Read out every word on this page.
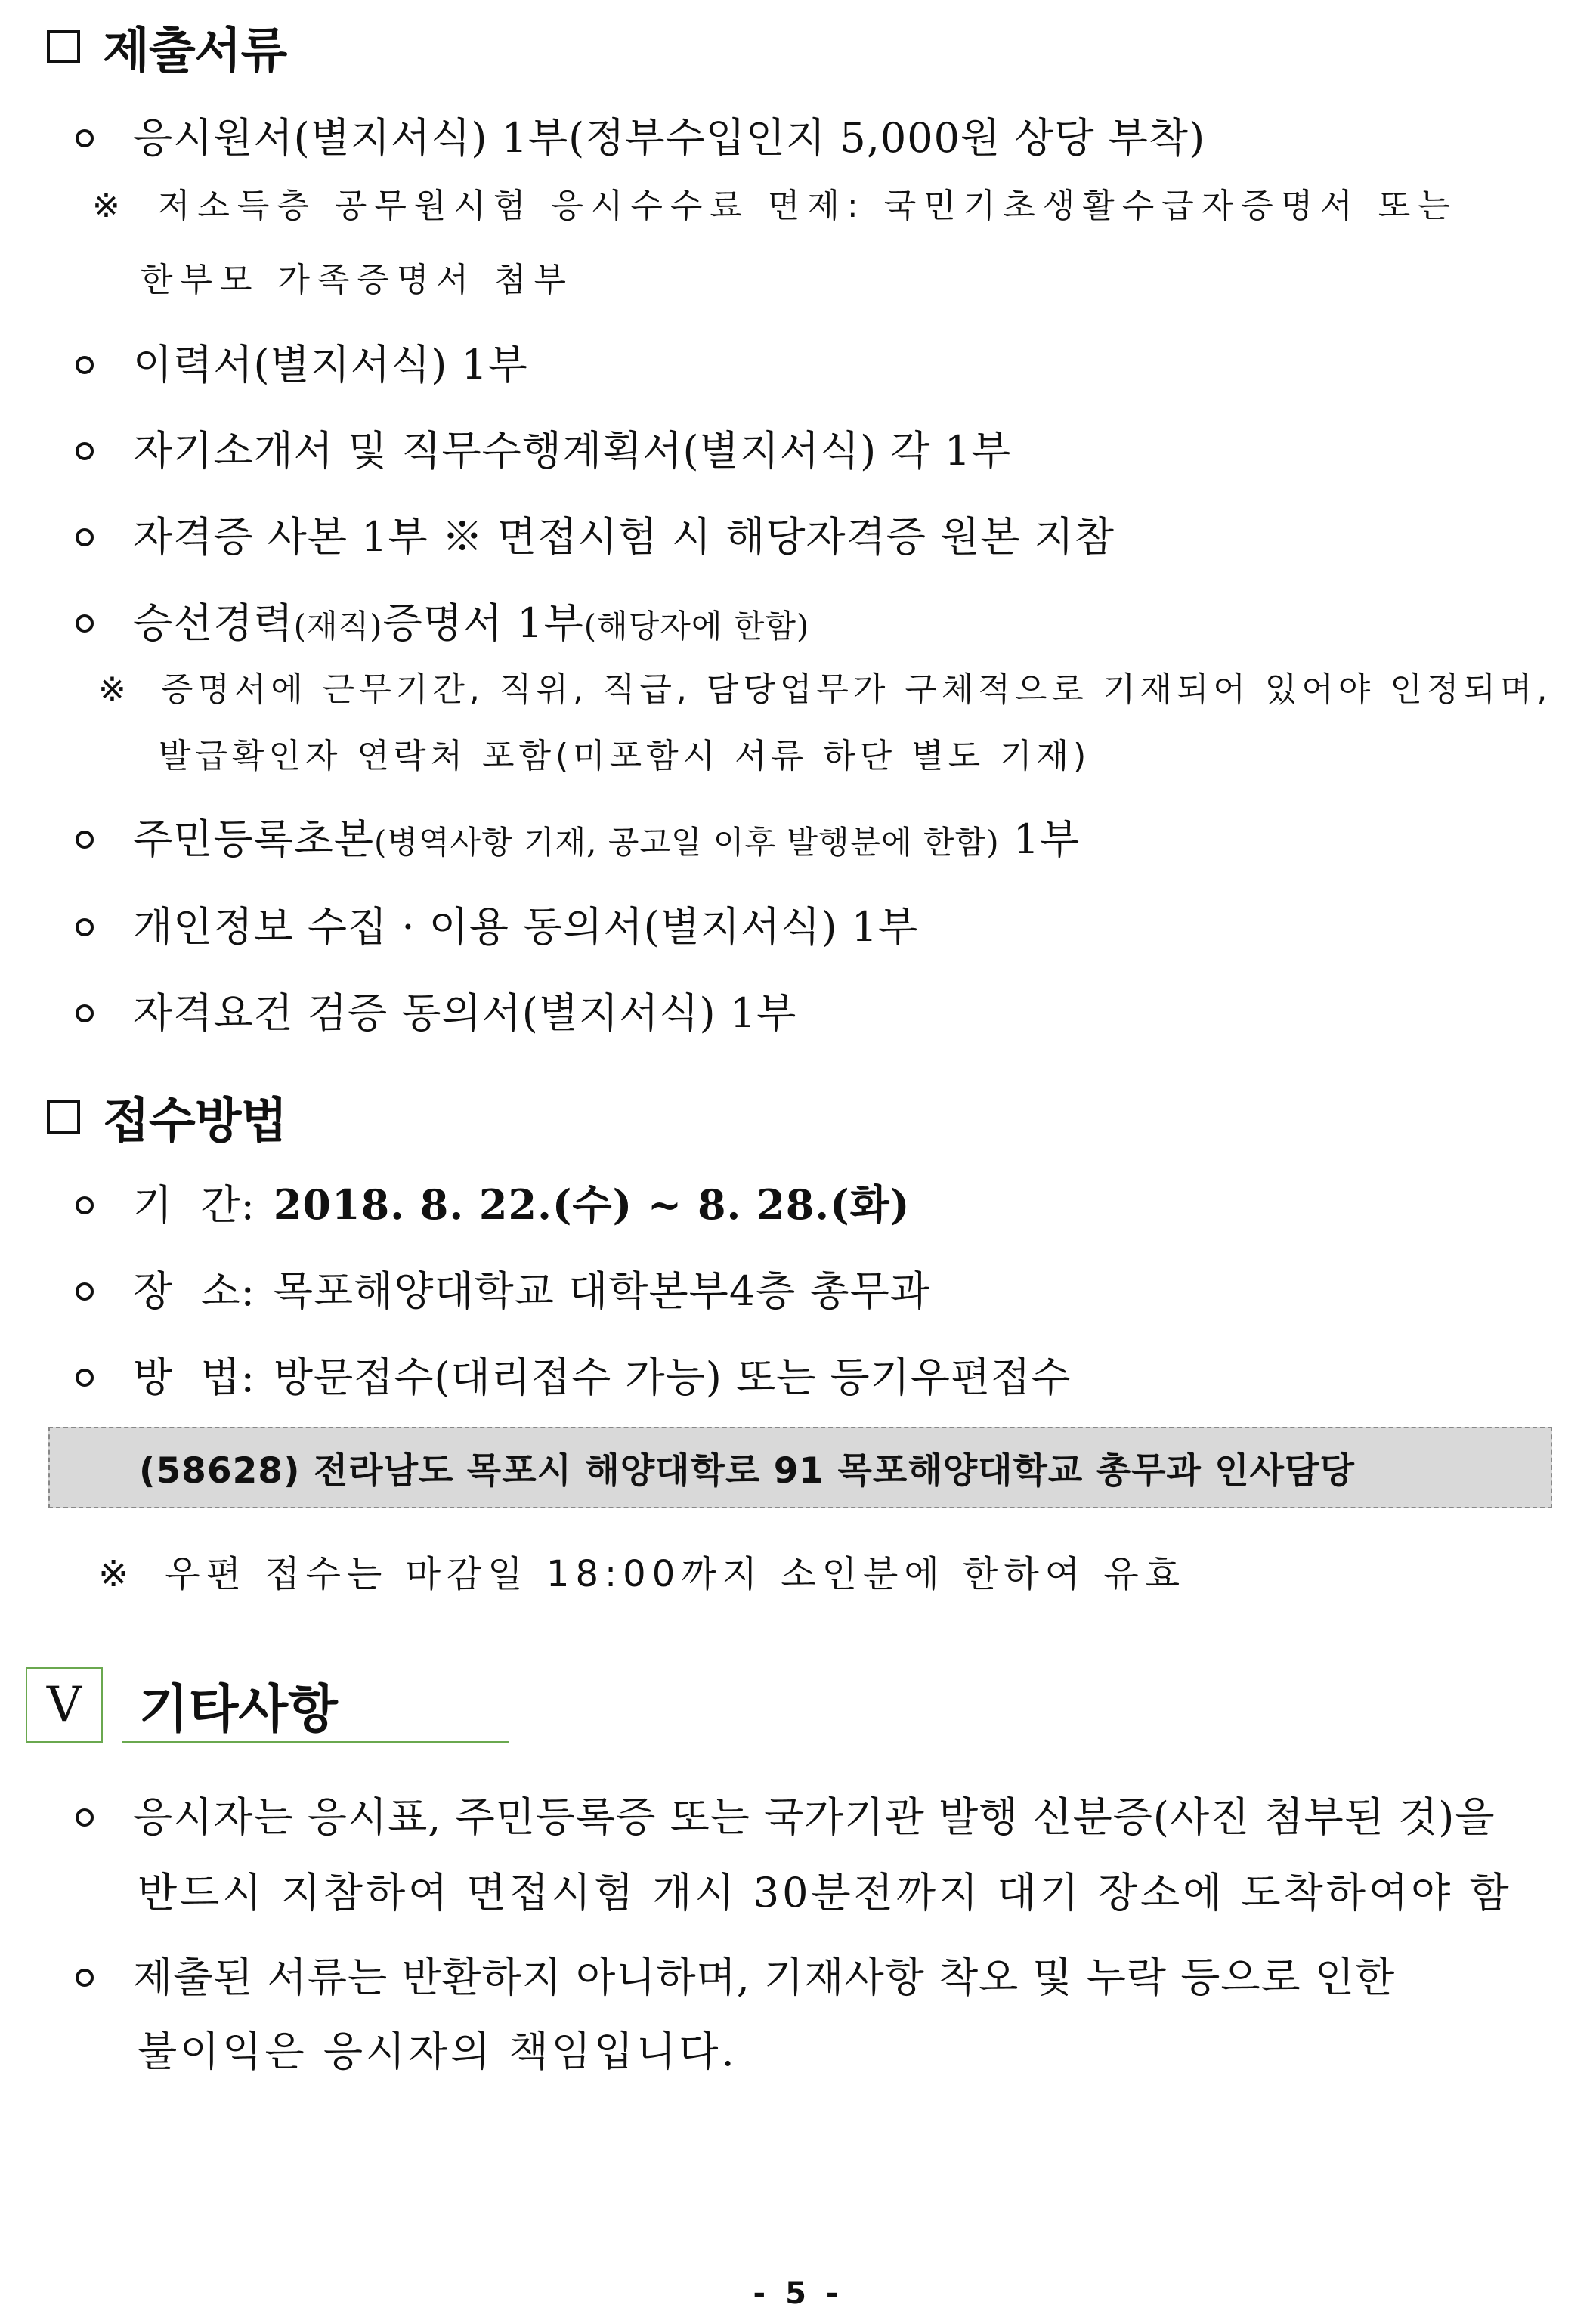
제출서류
응시원서(별지서식) 1부(정부수입인지 5,000원 상당 부착)
※ 저소득층 공무원시험 응시수수료 면제: 국민기초생활수급자증명서 또는
한부모 가족증명서 첨부
이력서(별지서식) 1부
자기소개서 및 직무수행계획서(별지서식) 각 1부
자격증 사본 1부 ※ 면접시험 시 해당자격증 원본 지참
승선경력(재직)증명서 1부(해당자에 한함)
※ 증명서에 근무기간, 직위, 직급, 담당업무가 구체적으로 기재되어 있어야 인정되며,
발급확인자 연락처 포함(미포함시 서류 하단 별도 기재)
주민등록초본(병역사항 기재, 공고일 이후 발행분에 한함) 1부
개인정보 수집 · 이용 동의서(별지서식) 1부
자격요건 검증 동의서(별지서식) 1부
접수방법
기  간: 2018. 8. 22.(수) ~ 8. 28.(화)
장  소: 목포해양대학교 대학본부4층 총무과
방  법: 방문접수(대리접수 가능) 또는 등기우편접수
(58628) 전라남도 목포시 해양대학로 91 목포해양대학교 총무과 인사담당
※ 우편 접수는 마감일 18:00까지 소인분에 한하여 유효
V	기타사항
응시자는 응시표, 주민등록증 또는 국가기관 발행 신분증(사진 첨부된 것)을
반드시 지참하여 면접시험 개시 30분전까지 대기 장소에 도착하여야 함
제출된 서류는 반환하지 아니하며, 기재사항 착오 및 누락 등으로 인한
불이익은 응시자의 책임입니다.
- 5 -
